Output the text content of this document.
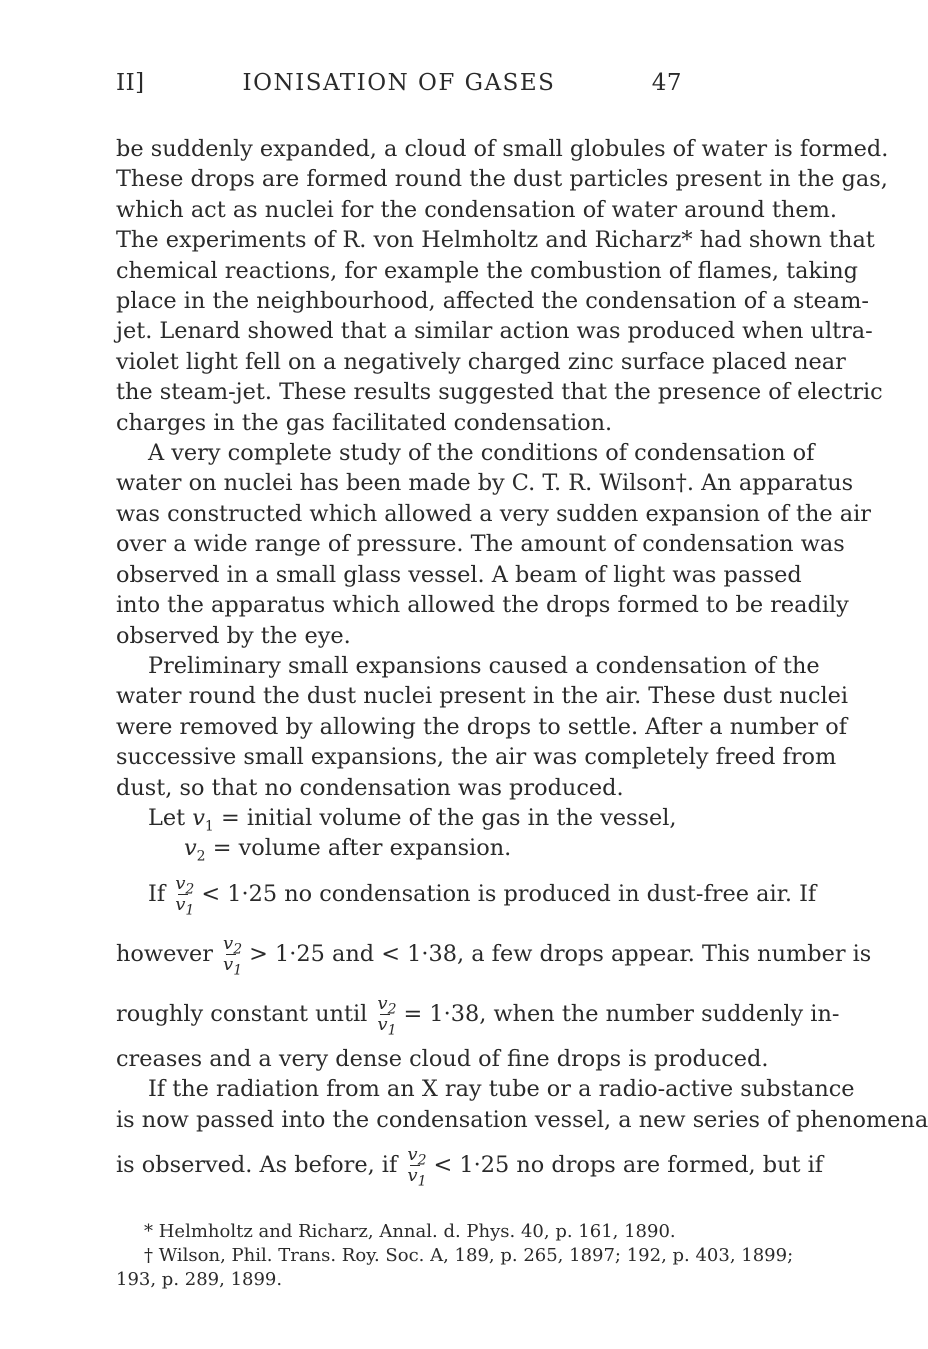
II]	IONISATION OF GASES	47
be suddenly expanded, a cloud of small globules of water is formed.
These drops are formed round the dust particles present in the gas,
which act as nuclei for the condensation of water around them.
The experiments of R. von Helmholtz and Richarz* had shown that
chemical reactions, for example the combustion of flames, taking
place in the neighbourhood, affected the condensation of a steam-
jet. Lenard showed that a similar action was produced when ultra-
violet light fell on a negatively charged zinc surface placed near
the steam-jet. These results suggested that the presence of electric
charges in the gas facilitated condensation.
A very complete study of the conditions of condensation of
water on nuclei has been made by C. T. R. Wilson†. An apparatus
was constructed which allowed a very sudden expansion of the air
over a wide range of pressure. The amount of condensation was
observed in a small glass vessel. A beam of light was passed
into the apparatus which allowed the drops formed to be readily
observed by the eye.
Preliminary small expansions caused a condensation of the
water round the dust nuclei present in the air. These dust nuclei
were removed by allowing the drops to settle. After a number of
successive small expansions, the air was completely freed from
dust, so that no condensation was produced.
Let $v_1$ = initial volume of the gas in the vessel,
$v_2$ = volume after expansion.
If $\frac{v_2}{v_1} < 1\cdot 25$ no condensation is produced in dust-free air. If
however $\frac{v_2}{v_1} > 1\cdot 25$ and < 1·38, a few drops appear. This number is
roughly constant until $\frac{v_2}{v_1} = 1\cdot 38$, when the number suddenly in-
creases and a very dense cloud of fine drops is produced.
If the radiation from an X ray tube or a radio-active substance
is now passed into the condensation vessel, a new series of phenomena
is observed. As before, if $\frac{v_2}{v_1} < 1\cdot 25$ no drops are formed, but if
* Helmholtz and Richarz, Annal. d. Phys. 40, p. 161, 1890.
† Wilson, Phil. Trans. Roy. Soc. A, 189, p. 265, 1897; 192, p. 403, 1899;
193, p. 289, 1899.
